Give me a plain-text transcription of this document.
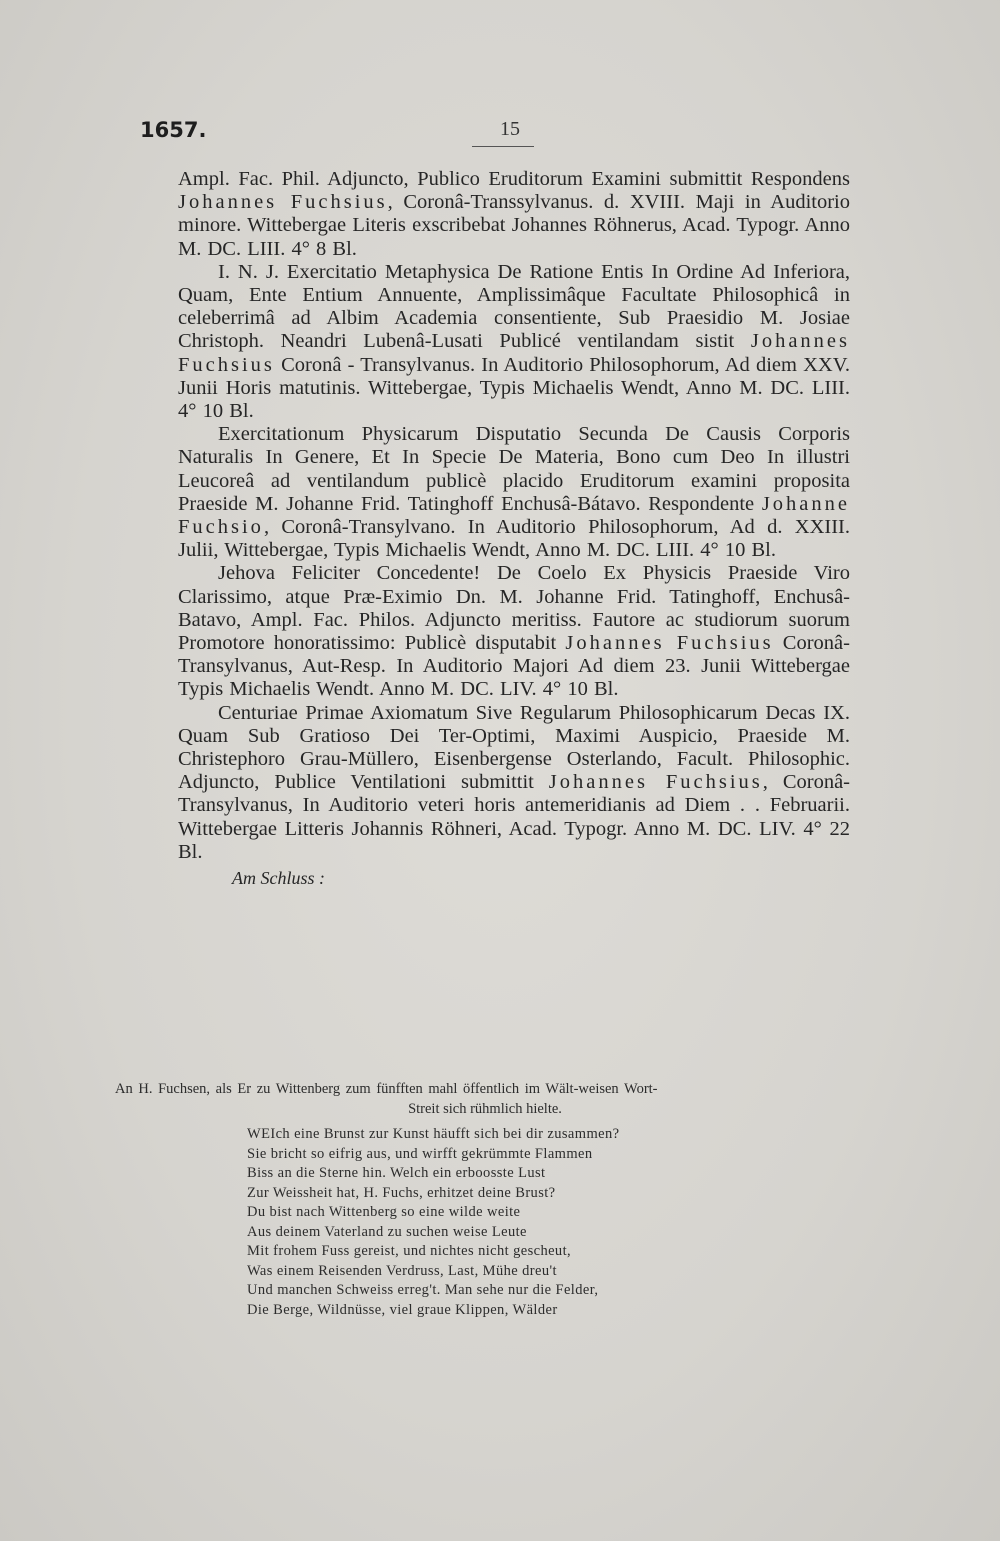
1657.	15

Ampl. Fac. Phil. Adjuncto, Publico Eruditorum Examini submittit Respondens Johannes Fuchsius, Coronâ-Transsylvanus. d. XVIII. Maji in Auditorio minore. Wittebergae Literis exscribebat Johannes Röhnerus, Acad. Typogr. Anno M. DC. LIII. 4° 8 Bl.

I. N. J. Exercitatio Metaphysica De Ratione Entis In Ordine Ad Inferiora, Quam, Ente Entium Annuente, Amplissimâque Facultate Philosophicâ in celeberrimâ ad Albim Academia consentiente, Sub Praesidio M. Josiae Christoph. Neandri Lubenâ-Lusati Publicé ventilandam sistit Johannes Fuchsius Coronâ - Transylvanus. In Auditorio Philosophorum, Ad diem XXV. Junii Horis matutinis. Wittebergae, Typis Michaelis Wendt, Anno M. DC. LIII. 4° 10 Bl.

Exercitationum Physicarum Disputatio Secunda De Causis Corporis Naturalis In Genere, Et In Specie De Materia, Bono cum Deo In illustri Leucoreâ ad ventilandum publicè placido Eruditorum examini proposita Praeside M. Johanne Frid. Tatinghoff Enchusâ-Bátavo. Respondente Johanne Fuchsio, Coronâ-Transylvano. In Auditorio Philosophorum, Ad d. XXIII. Julii, Wittebergae, Typis Michaelis Wendt, Anno M. DC. LIII. 4° 10 Bl.

Jehova Feliciter Concedente! De Coelo Ex Physicis Praeside Viro Clarissimo, atque Præ-Eximio Dn. M. Johanne Frid. Tatinghoff, Enchusâ-Batavo, Ampl. Fac. Philos. Adjuncto meritiss. Fautore ac studiorum suorum Promotore honoratissimo: Publicè disputabit Johannes Fuchsius Coronâ-Transylvanus, Aut-Resp. In Auditorio Majori Ad diem 23. Junii Wittebergae Typis Michaelis Wendt. Anno M. DC. LIV. 4° 10 Bl.

Centuriae Primae Axiomatum Sive Regularum Philosophicarum Decas IX. Quam Sub Gratioso Dei Ter-Optimi, Maximi Auspicio, Praeside M. Christephoro Grau-Müllero, Eisenbergense Osterlando, Facult. Philosophic. Adjuncto, Publice Ventilationi submittit Johannes Fuchsius, Coronâ-Transylvanus, In Auditorio veteri horis antemeridianis ad Diem . . Februarii. Wittebergae Litteris Johannis Röhneri, Acad. Typogr. Anno M. DC. LIV. 4° 22 Bl.

Am Schluss :

An H. Fuchsen, als Er zu Wittenberg zum fünfften mahl öffentlich im Wält-weisen Wort-

Streit sich rühmlich hielte.

WEIch eine Brunst zur Kunst häufft sich bei dir zusammen?
Sie bricht so eifrig aus, und wirfft gekrümmte Flammen
Biss an die Sterne hin. Welch ein erboosste Lust
Zur Weissheit hat, H. Fuchs, erhitzet deine Brust?
Du bist nach Wittenberg so eine wilde weite
Aus deinem Vaterland zu suchen weise Leute
Mit frohem Fuss gereist, und nichtes nicht gescheut,
Was einem Reisenden Verdruss, Last, Mühe dreu't
Und manchen Schweiss erreg't. Man sehe nur die Felder,
Die Berge, Wildnüsse, viel graue Klippen, Wälder
